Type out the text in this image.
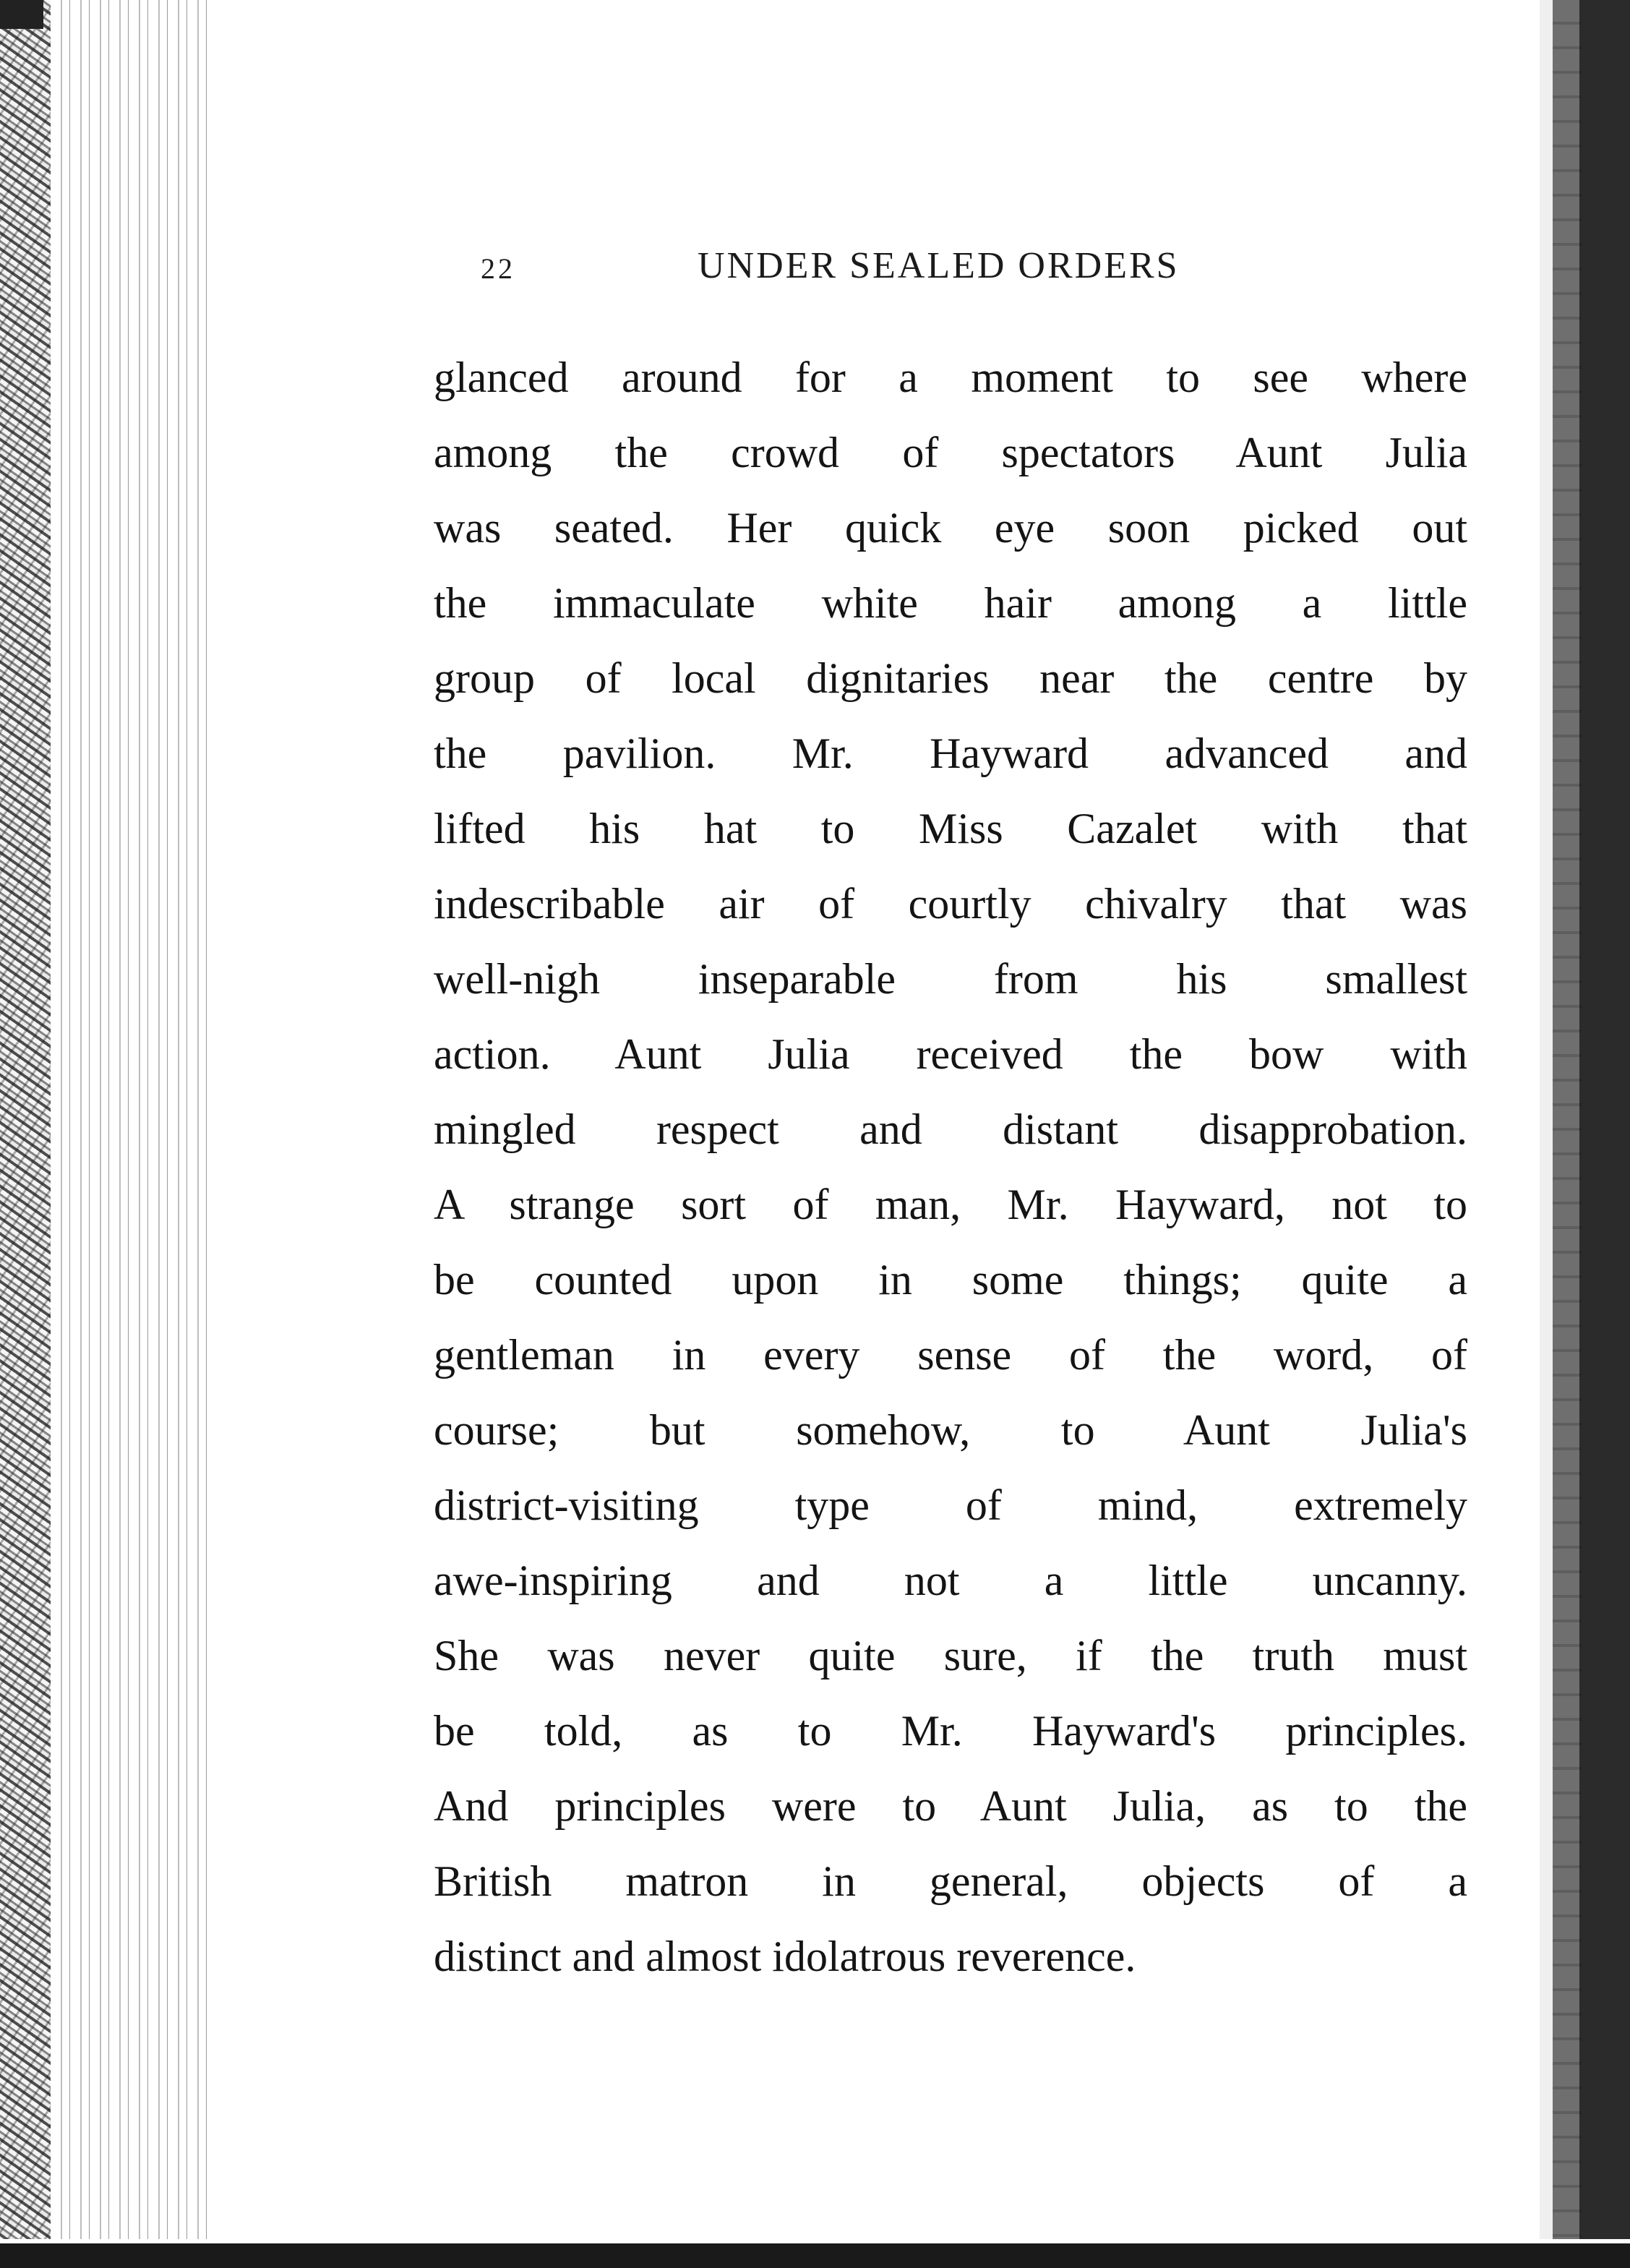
22	UNDER SEALED ORDERS
glanced around for a moment to see where
among the crowd of spectators Aunt Julia
was seated. Her quick eye soon picked out
the immaculate white hair among a little
group of local dignitaries near the centre by
the pavilion. Mr. Hayward advanced and
lifted his hat to Miss Cazalet with that
indescribable air of courtly chivalry that was
well-nigh inseparable from his smallest
action. Aunt Julia received the bow with
mingled respect and distant disapprobation.
A strange sort of man, Mr. Hayward, not to
be counted upon in some things; quite a
gentleman in every sense of the word, of
course; but somehow, to Aunt Julia's
district-visiting type of mind, extremely
awe-inspiring and not a little uncanny.
She was never quite sure, if the truth must
be told, as to Mr. Hayward's principles.
And principles were to Aunt Julia, as to the
British matron in general, objects of a
distinct and almost idolatrous reverence.
